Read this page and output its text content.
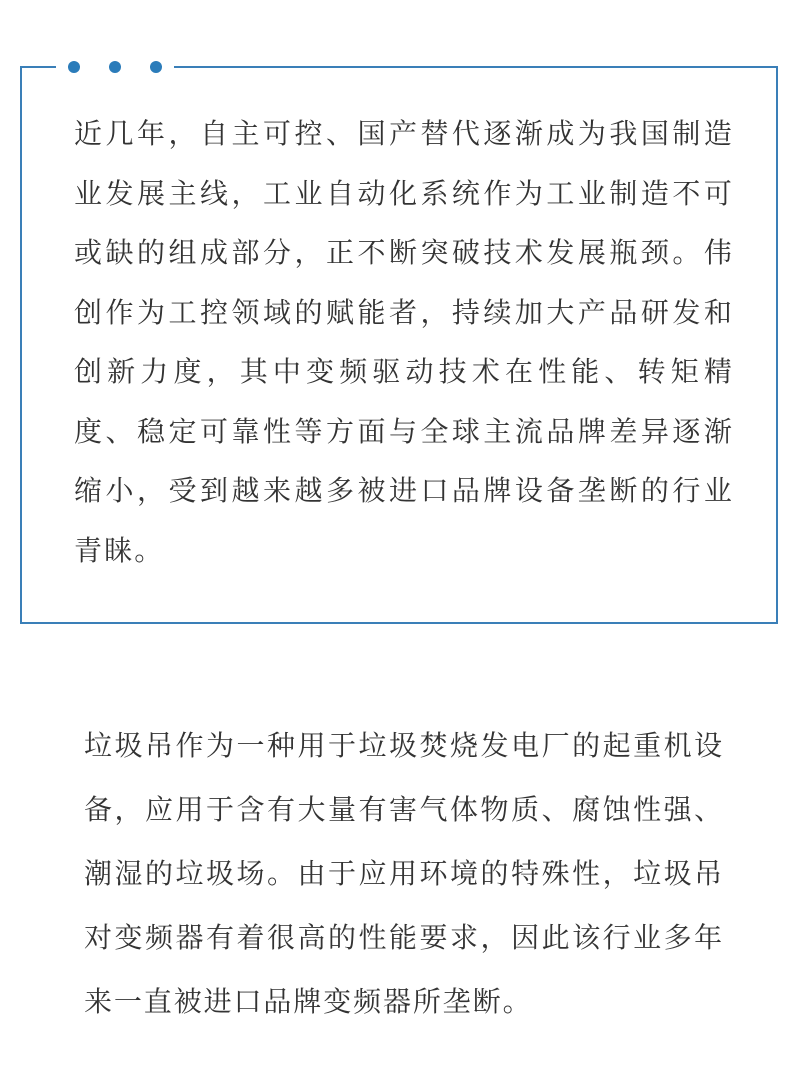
近几年，自主可控、国产替代逐渐成为我国制造业发展主线，工业自动化系统作为工业制造不可或缺的组成部分，正不断突破技术发展瓶颈。伟创作为工控领域的赋能者，持续加大产品研发和创新力度，其中变频驱动技术在性能、转矩精度、稳定可靠性等方面与全球主流品牌差异逐渐缩小，受到越来越多被进口品牌设备垄断的行业青睐。

垃圾吊作为一种用于垃圾焚烧发电厂的起重机设备，应用于含有大量有害气体物质、腐蚀性强、潮湿的垃圾场。由于应用环境的特殊性，垃圾吊对变频器有着很高的性能要求，因此该行业多年来一直被进口品牌变频器所垄断。
